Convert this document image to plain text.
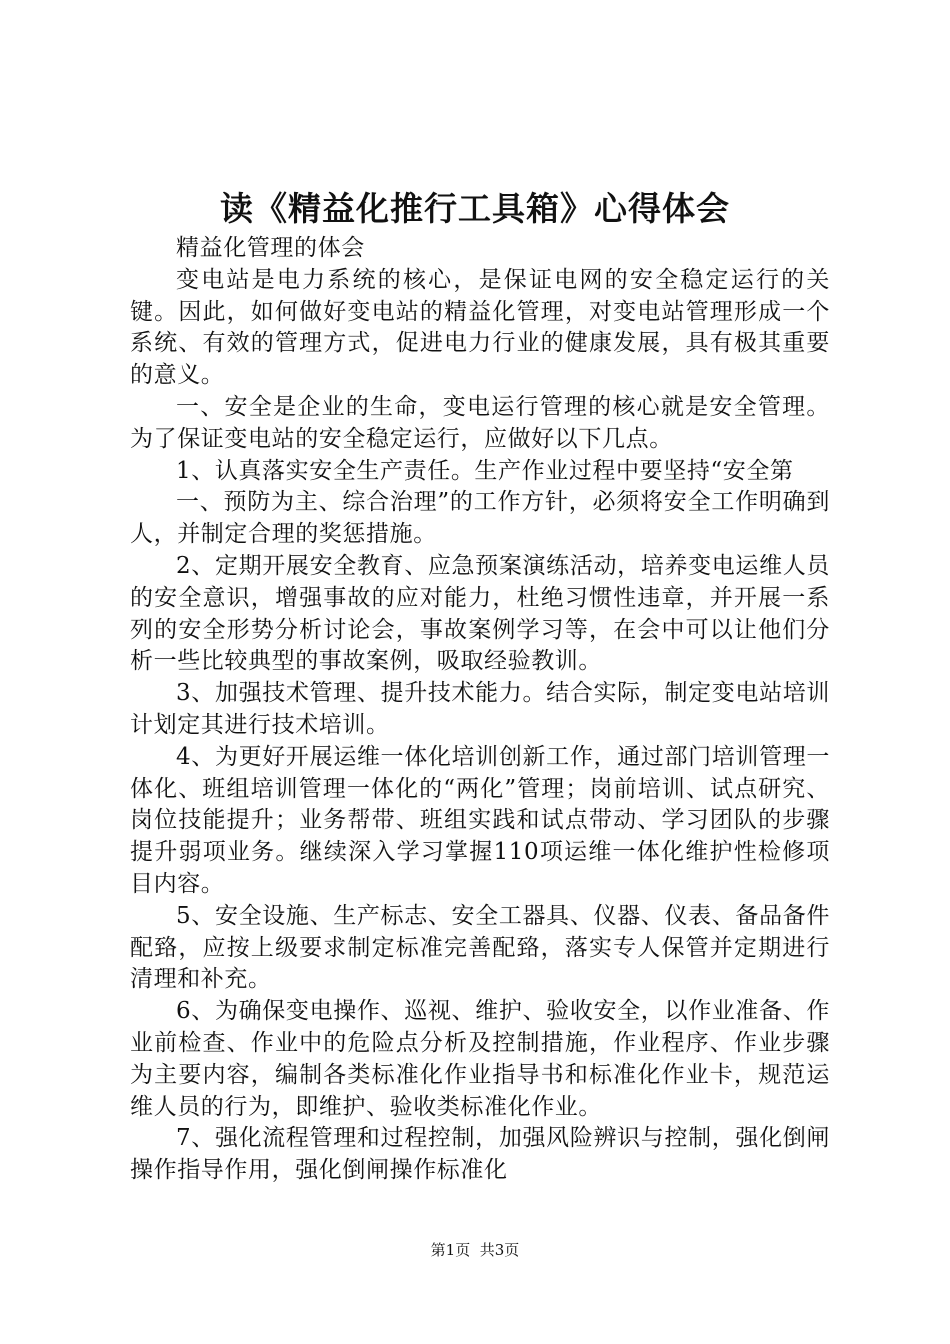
读《精益化推行工具箱》心得体会

精益化管理的体会

变电站是电力系统的核心，是保证电网的安全稳定运行的关键。因此，如何做好变电站的精益化管理，对变电站管理形成一个系统、有效的管理方式，促进电力行业的健康发展，具有极其重要的意义。

一、安全是企业的生命，变电运行管理的核心就是安全管理。为了保证变电站的安全稳定运行，应做好以下几点。

1、认真落实安全生产责任。生产作业过程中要坚持“安全第

一、预防为主、综合治理”的工作方针，必须将安全工作明确到人，并制定合理的奖惩措施。

2、定期开展安全教育、应急预案演练活动，培养变电运维人员的安全意识，增强事故的应对能力，杜绝习惯性违章，并开展一系列的安全形势分析讨论会，事故案例学习等，在会中可以让他们分析一些比较典型的事故案例，吸取经验教训。

3、加强技术管理、提升技术能力。结合实际，制定变电站培训计划定其进行技术培训。

4、为更好开展运维一体化培训创新工作，通过部门培训管理一体化、班组培训管理一体化的“两化”管理；岗前培训、试点研究、岗位技能提升；业务帮带、班组实践和试点带动、学习团队的步骤提升弱项业务。继续深入学习掌握110项运维一体化维护性检修项目内容。

5、安全设施、生产标志、安全工器具、仪器、仪表、备品备件配臵，应按上级要求制定标准完善配臵，落实专人保管并定期进行清理和补充。

6、为确保变电操作、巡视、维护、验收安全，以作业准备、作业前检查、作业中的危险点分析及控制措施，作业程序、作业步骤为主要内容，编制各类标准化作业指导书和标准化作业卡，规范运维人员的行为，即维护、验收类标准化作业。

7、强化流程管理和过程控制，加强风险辨识与控制，强化倒闸操作指导作用，强化倒闸操作标准化

第1页 共3页
